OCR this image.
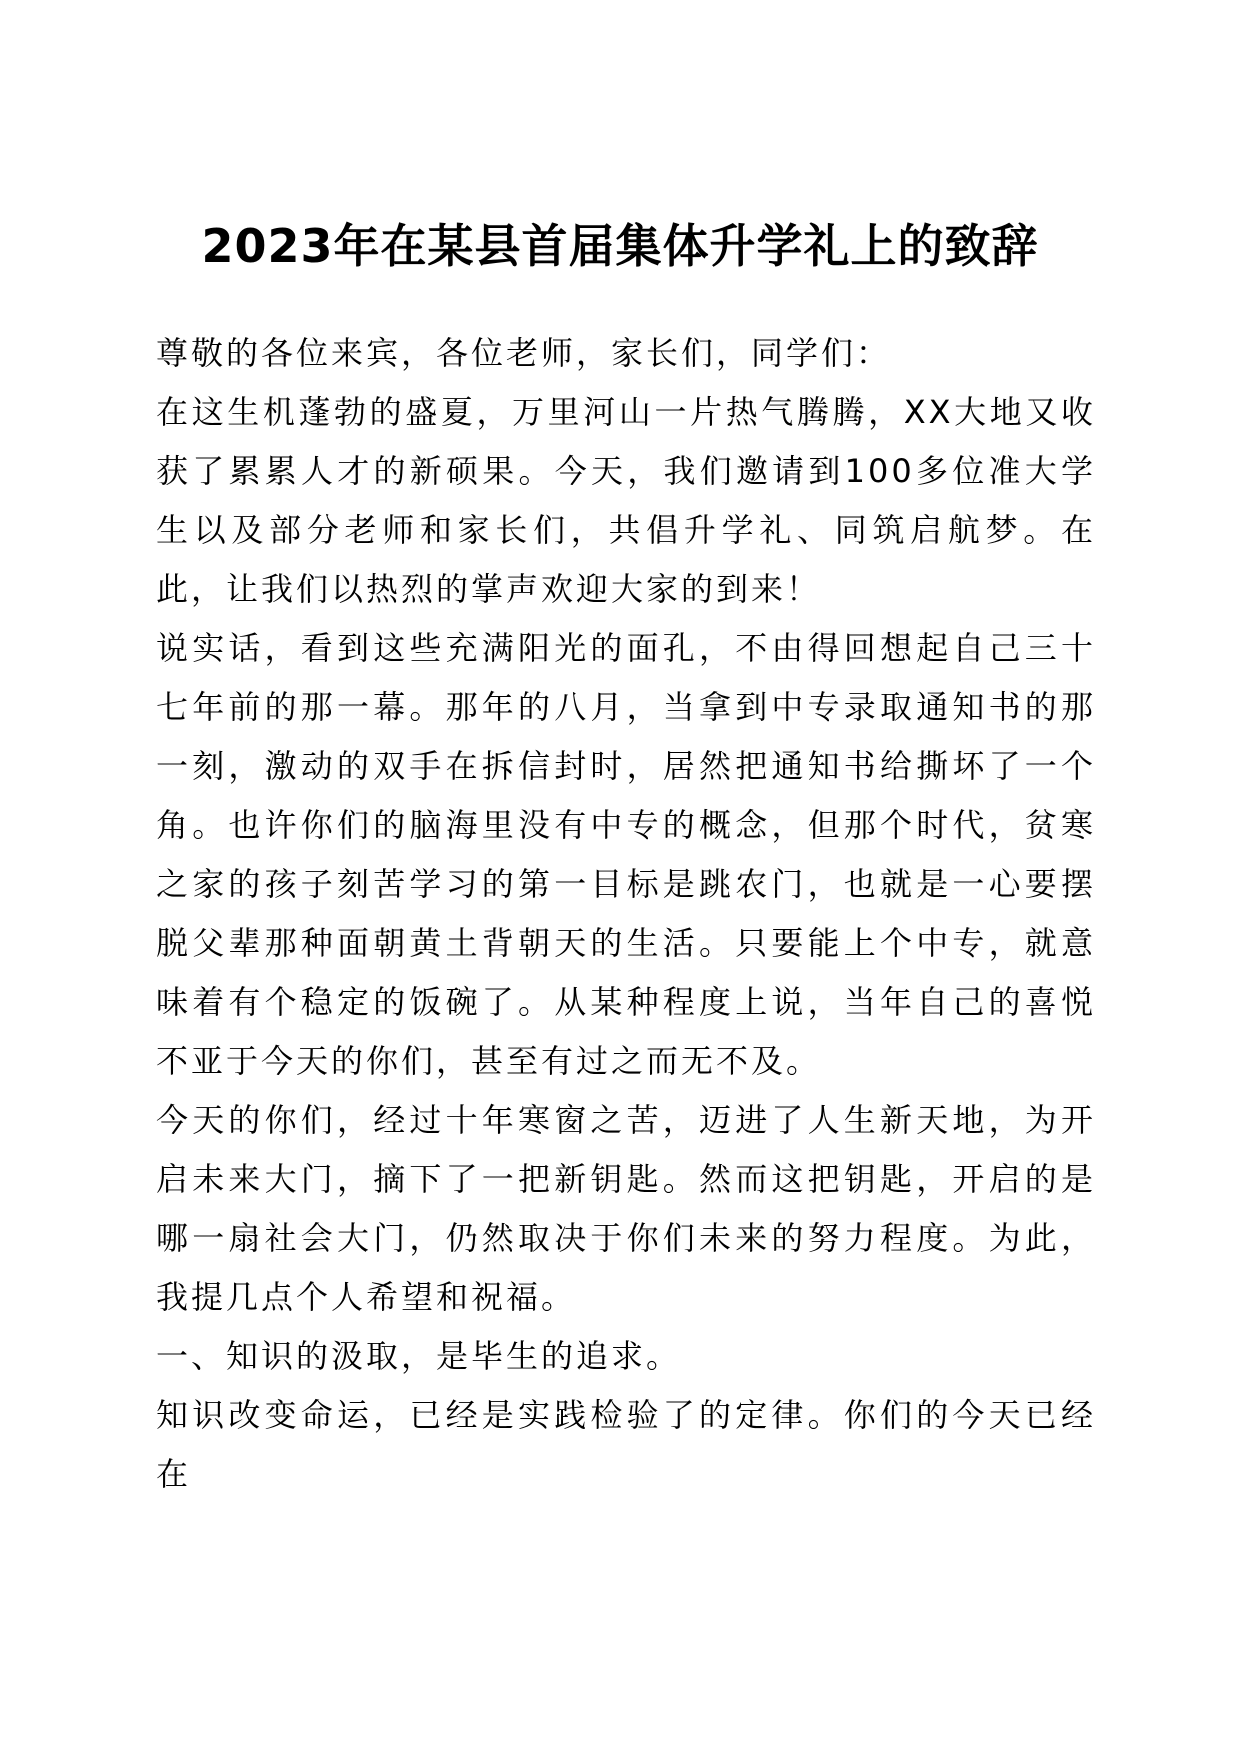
2023年在某县首届集体升学礼上的致辞

尊敬的各位来宾，各位老师，家长们，同学们：

在这生机蓬勃的盛夏，万里河山一片热气腾腾，XX大地又收获了累累人才的新硕果。今天，我们邀请到100多位准大学生以及部分老师和家长们，共倡升学礼、同筑启航梦。在此，让我们以热烈的掌声欢迎大家的到来！

说实话，看到这些充满阳光的面孔，不由得回想起自己三十七年前的那一幕。那年的八月，当拿到中专录取通知书的那一刻，激动的双手在拆信封时，居然把通知书给撕坏了一个角。也许你们的脑海里没有中专的概念，但那个时代，贫寒之家的孩子刻苦学习的第一目标是跳农门，也就是一心要摆脱父辈那种面朝黄土背朝天的生活。只要能上个中专，就意味着有个稳定的饭碗了。从某种程度上说，当年自己的喜悦不亚于今天的你们，甚至有过之而无不及。

今天的你们，经过十年寒窗之苦，迈进了人生新天地，为开启未来大门，摘下了一把新钥匙。然而这把钥匙，开启的是哪一扇社会大门，仍然取决于你们未来的努力程度。为此，我提几点个人希望和祝福。

一、知识的汲取，是毕生的追求。

知识改变命运，已经是实践检验了的定律。你们的今天已经在
